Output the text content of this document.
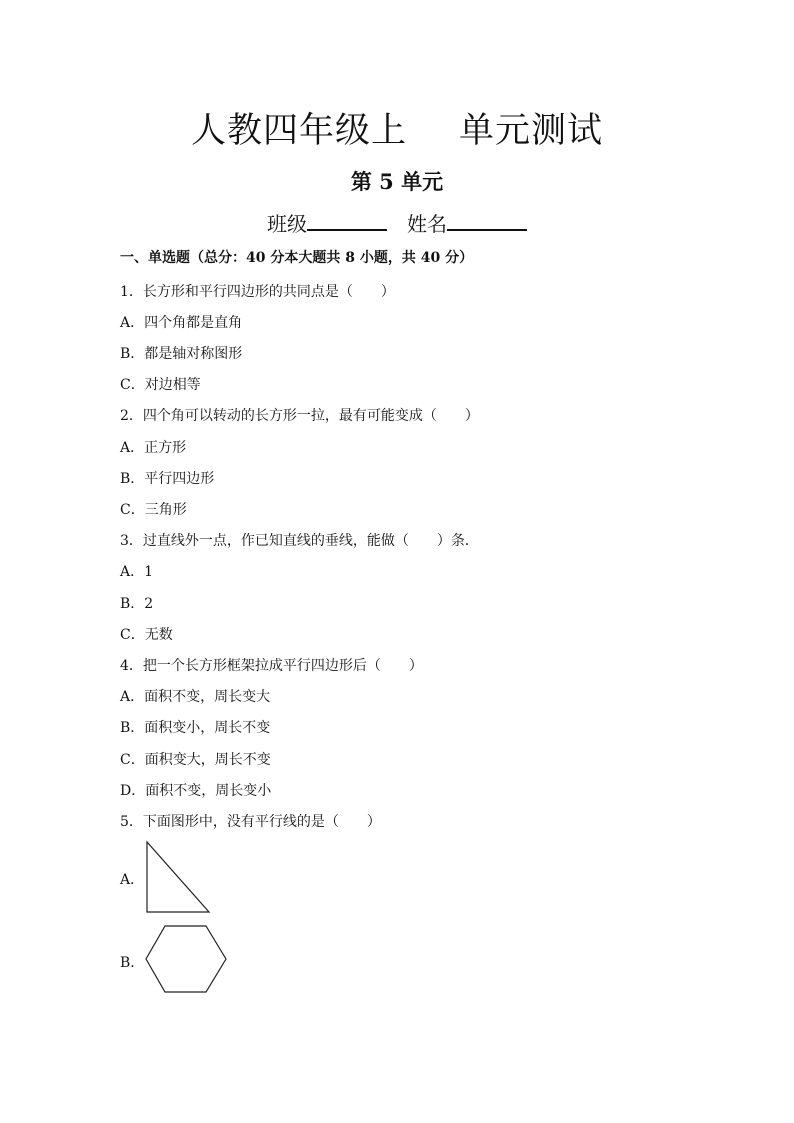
人教四年级上 单元测试
第 5 单元
班级	姓名
一、单选题（总分：40 分本大题共 8 小题，共 40 分）
1．长方形和平行四边形的共同点是（　　）
A．四个角都是直角
B．都是轴对称图形
C．对边相等
2．四个角可以转动的长方形一拉，最有可能变成（　　）
A．正方形
B．平行四边形
C．三角形
3．过直线外一点，作已知直线的垂线，能做（　　）条．
A．1
B．2
C．无数
4．把一个长方形框架拉成平行四边形后（　　）
A．面积不变，周长变大
B．面积变小，周长不变
C．面积变大，周长不变
D．面积不变，周长变小
5．下面图形中，没有平行线的是（　　）
A．
B．
